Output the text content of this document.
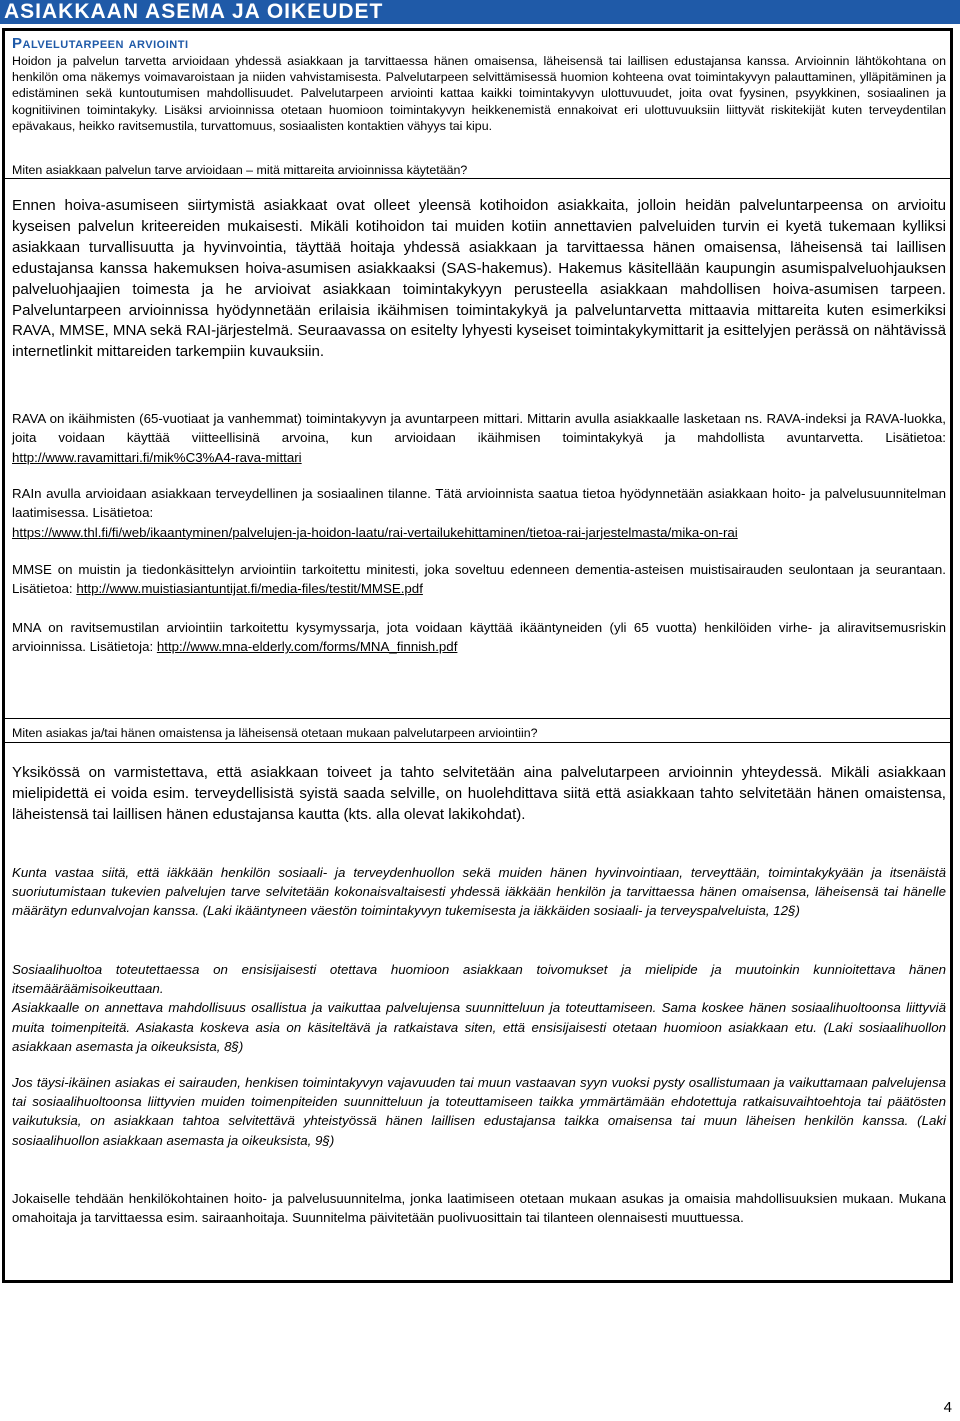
ASIAKKAAN ASEMA JA OIKEUDET
Palvelutarpeen arviointi

Hoidon ja palvelun tarvetta arvioidaan yhdessä asiakkaan ja tarvittaessa hänen omaisensa, läheisensä tai laillisen edustajansa kanssa. Arvioinnin lähtökohtana on henkilön oma näkemys voimavaroistaan ja niiden vahvistamisesta. Palvelutarpeen selvittämisessä huomion kohteena ovat toimintakyvyn palauttaminen, ylläpitäminen ja edistäminen sekä kuntoutumisen mahdollisuudet. Palvelutarpeen arviointi kattaa kaikki toimintakyvyn ulottuvuudet, joita ovat fyysinen, psyykkinen, sosiaalinen ja kognitiivinen toimintakyky. Lisäksi arvioinnissa otetaan huomioon toimintakyvyn heikkenemistä ennakoivat eri ulottuvuuksiin liittyvät riskitekijät kuten terveydentilan epävakaus, heikko ravitsemustila, turvattomuus, sosiaalisten kontaktien vähyys tai kipu.

Miten asiakkaan palvelun tarve arvioidaan – mitä mittareita arvioinnissa käytetään?

Ennen hoiva-asumiseen siirtymistä asiakkaat ovat olleet yleensä kotihoidon asiakkaita, jolloin heidän palveluntarpeensa on arvioitu kyseisen palvelun kriteereiden mukaisesti. Mikäli kotihoidon tai muiden kotiin annettavien palveluiden turvin ei kyetä tukemaan kylliksi asiakkaan turvallisuutta ja hyvinvointia, täyttää hoitaja yhdessä asiakkaan ja tarvittaessa hänen omaisensa, läheisensä tai laillisen edustajansa kanssa hakemuksen hoiva-asumisen asiakkaaksi (SAS-hakemus). Hakemus käsitellään kaupungin asumispalveluohjauksen palveluohjaajien toimesta ja he arvioivat asiakkaan toimintakykyyn perusteella asiakkaan mahdollisen hoiva-asumisen tarpeen. Palveluntarpeen arvioinnissa hyödynnetään erilaisia ikäihmisen toimintakykyä ja palveluntarvetta mittaavia mittareita kuten esimerkiksi RAVA, MMSE, MNA sekä RAI-järjestelmä. Seuraavassa on esitelty lyhyesti kyseiset toimintakykymittarit ja esittelyjen perässä on nähtävissä internetlinkit mittareiden tarkempiin kuvauksiin.

RAVA on ikäihmisten (65-vuotiaat ja vanhemmat) toimintakyvyn ja avuntarpeen mittari. Mittarin avulla asiakkaalle lasketaan ns. RAVA-indeksi ja RAVA-luokka, joita voidaan käyttää viitteellisinä arvoina, kun arvioidaan ikäihmisen toimintakykyä ja mahdollista avuntarvetta. Lisätietoa: http://www.ravamittari.fi/mik%C3%A4-rava-mittari

RAIn avulla arvioidaan asiakkaan terveydellinen ja sosiaalinen tilanne. Tätä arvioinnista saatua tietoa hyödynnetään asiakkaan hoito- ja palvelusuunnitelman laatimisessa. Lisätietoa:
https://www.thl.fi/fi/web/ikaantyminen/palvelujen-ja-hoidon-laatu/rai-vertailukehittaminen/tietoa-rai-jarjestelmasta/mika-on-rai

MMSE on muistin ja tiedonkäsittelyn arviointiin tarkoitettu minitesti, joka soveltuu edenneen dementia-asteisen muistisairauden seulontaan ja seurantaan. Lisätietoa: http://www.muistiasiantuntijat.fi/media-files/testit/MMSE.pdf

MNA on ravitsemustilan arviointiin tarkoitettu kysymyssarja, jota voidaan käyttää ikääntyneiden (yli 65 vuotta) henkilöiden virhe- ja aliravitsemusriskin arvioinnissa. Lisätietoja: http://www.mna-elderly.com/forms/MNA_finnish.pdf

Miten asiakas ja/tai hänen omaistensa ja läheisensä otetaan mukaan palvelutarpeen arviointiin?

Yksikössä on varmistettava, että asiakkaan toiveet ja tahto selvitetään aina palvelutarpeen arvioinnin yhteydessä. Mikäli asiakkaan mielipidettä ei voida esim. terveydellisistä syistä saada selville, on huolehdittava siitä että asiakkaan tahto selvitetään hänen omaistensa, läheistensä tai laillisen hänen edustajansa kautta (kts. alla olevat lakikohdat).

Kunta vastaa siitä, että iäkkään henkilön sosiaali- ja terveydenhuollon sekä muiden hänen hyvinvointiaan, terveyttään, toimintakykyään ja itsenäistä suoriutumistaan tukevien palvelujen tarve selvitetään kokonaisvaltaisesti yhdessä iäkkään henkilön ja tarvittaessa hänen omaisensa, läheisensä tai hänelle määrätyn edunvalvojan kanssa. (Laki ikääntyneen väestön toimintakyvyn tukemisesta ja iäkkäiden sosiaali- ja terveyspalveluista, 12§)

Sosiaalihuoltoa toteutettaessa on ensisijaisesti otettava huomioon asiakkaan toivomukset ja mielipide ja muutoinkin kunnioitettava hänen itsemääräämisoikeuttaan.
Asiakkaalle on annettava mahdollisuus osallistua ja vaikuttaa palvelujensa suunnitteluun ja toteuttamiseen. Sama koskee hänen sosiaalihuoltoonsa liittyviä muita toimenpiteitä. Asiakasta koskeva asia on käsiteltävä ja ratkaistava siten, että ensisijaisesti otetaan huomioon asiakkaan etu. (Laki sosiaalihuollon asiakkaan asemasta ja oikeuksista, 8§)

Jos täysi-ikäinen asiakas ei sairauden, henkisen toimintakyvyn vajavuuden tai muun vastaavan syyn vuoksi pysty osallistumaan ja vaikuttamaan palvelujensa tai sosiaalihuoltoonsa liittyvien muiden toimenpiteiden suunnitteluun ja toteuttamiseen taikka ymmärtämään ehdotettuja ratkaisuvaihtoehtoja tai päätösten vaikutuksia, on asiakkaan tahtoa selvitettävä yhteistyössä hänen laillisen edustajansa taikka omaisensa tai muun läheisen henkilön kanssa. (Laki sosiaalihuollon asiakkaan asemasta ja oikeuksista, 9§)

Jokaiselle tehdään henkilökohtainen hoito- ja palvelusuunnitelma, jonka laatimiseen otetaan mukaan asukas ja omaisia mahdollisuuksien mukaan. Mukana omahoitaja ja tarvittaessa esim. sairaanhoitaja. Suunnitelma päivitetään puolivuosittain tai tilanteen olennaisesti muuttuessa.

4
